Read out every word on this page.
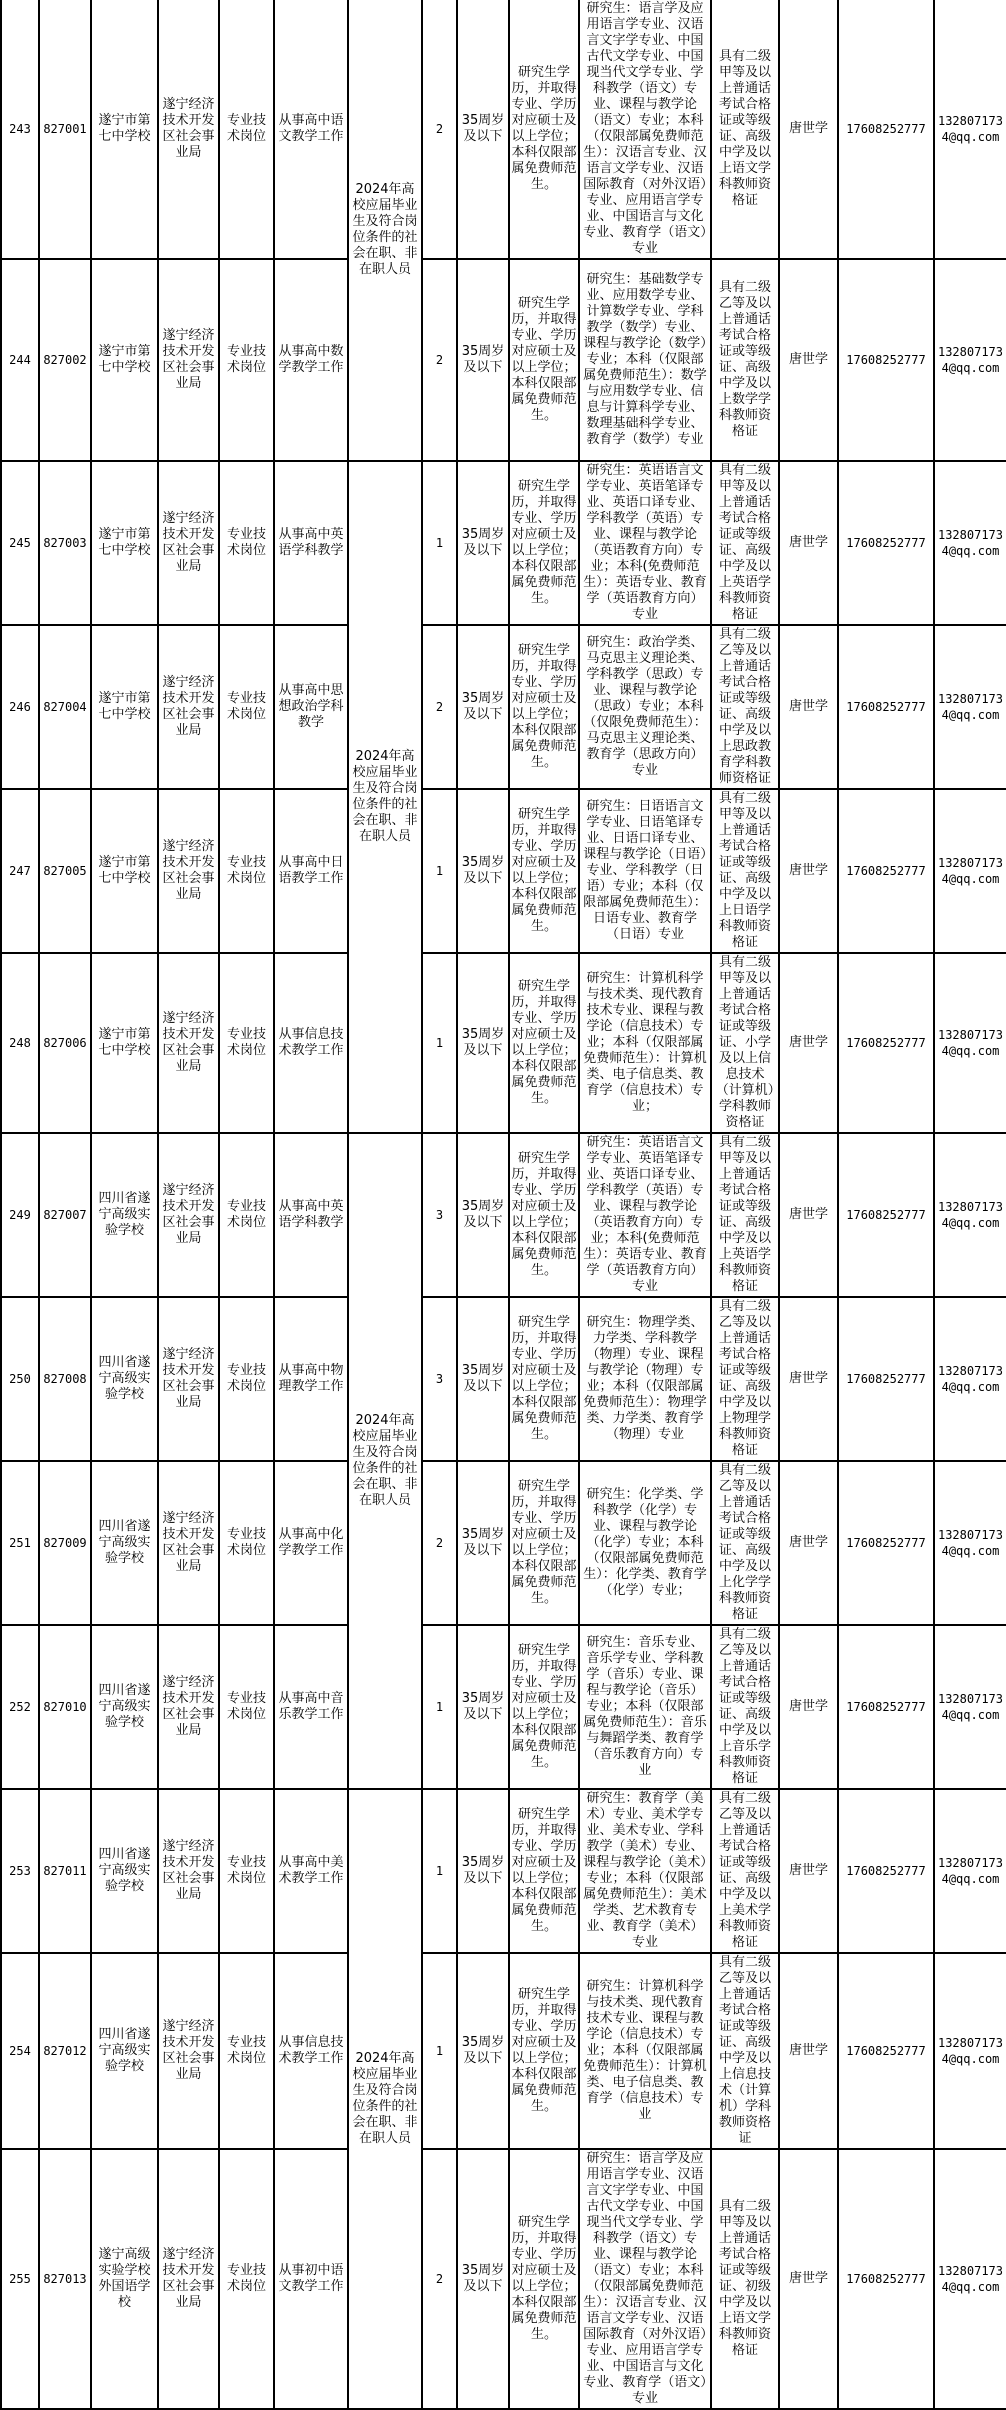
243	827001	遂宁市第七中学校	遂宁经济技术开发区社会事业局	专业技术岗位	从事高中语文教学工作	2024年高校应届毕业生及符合岗位条件的社会在职、非在职人员	2	35周岁及以下	研究生学历，并取得专业、学历对应硕士及以上学位；本科仅限部属免费师范生。	研究生：语言学及应用语言学专业、汉语言文字学专业、中国古代文学专业、中国现当代文学专业、学科教学（语文）专业、课程与教学论（语文）专业；本科（仅限部属免费师范生）：汉语言专业、汉语言文学专业、汉语国际教育（对外汉语）专业、应用语言学专业、中国语言与文化专业、教育学（语文）专业	具有二级甲等及以上普通话考试合格证或等级证、高级中学及以上语文学科教师资格证	唐世学	17608252777	1328071734@qq.com
244	827002	遂宁市第七中学校	遂宁经济技术开发区社会事业局	专业技术岗位	从事高中数学教学工作		2	35周岁及以下	研究生学历，并取得专业、学历对应硕士及以上学位；本科仅限部属免费师范生。	研究生：基础数学专业、应用数学专业、计算数学专业、学科教学（数学）专业、课程与教学论（数学）专业；本科（仅限部属免费师范生）：数学与应用数学专业、信息与计算科学专业、数理基础科学专业、教育学（数学）专业	具有二级乙等及以上普通话考试合格证或等级证、高级中学及以上数学学科教师资格证	唐世学	17608252777	1328071734@qq.com
245	827003	遂宁市第七中学校	遂宁经济技术开发区社会事业局	专业技术岗位	从事高中英语学科教学	2024年高校应届毕业生及符合岗位条件的社会在职、非在职人员	1	35周岁及以下	研究生学历，并取得专业、学历对应硕士及以上学位；本科仅限部属免费师范生。	研究生：英语语言文学专业、英语笔译专业、英语口译专业、学科教学（英语）专业、课程与教学论（英语教育方向）专业；本科(免费师范生）：英语专业、教育学（英语教育方向）专业	具有二级甲等及以上普通话考试合格证或等级证、高级中学及以上英语学科教师资格证	唐世学	17608252777	1328071734@qq.com
246	827004	遂宁市第七中学校	遂宁经济技术开发区社会事业局	专业技术岗位	从事高中思想政治学科教学		2	35周岁及以下	研究生学历，并取得专业、学历对应硕士及以上学位；本科仅限部属免费师范生。	研究生：政治学类、马克思主义理论类、学科教学（思政）专业、课程与教学论（思政）专业；本科（仅限免费师范生）：马克思主义理论类、教育学（思政方向）专业	具有二级乙等及以上普通话考试合格证或等级证、高级中学及以上思政教育学科教师资格证	唐世学	17608252777	1328071734@qq.com
247	827005	遂宁市第七中学校	遂宁经济技术开发区社会事业局	专业技术岗位	从事高中日语教学工作		1	35周岁及以下	研究生学历，并取得专业、学历对应硕士及以上学位；本科仅限部属免费师范生。	研究生：日语语言文学专业、日语笔译专业、日语口译专业、课程与教学论（日语）专业、学科教学（日语）专业；本科（仅限部属免费师范生）：日语专业、教育学（日语）专业	具有二级甲等及以上普通话考试合格证或等级证、高级中学及以上日语学科教师资格证	唐世学	17608252777	1328071734@qq.com
248	827006	遂宁市第七中学校	遂宁经济技术开发区社会事业局	专业技术岗位	从事信息技术教学工作		1	35周岁及以下	研究生学历，并取得专业、学历对应硕士及以上学位；本科仅限部属免费师范生。	研究生：计算机科学与技术类、现代教育技术专业、课程与教学论（信息技术）专业；本科（仅限部属免费师范生）：计算机类、电子信息类、教育学（信息技术）专业；	具有二级甲等及以上普通话考试合格证或等级证、小学及以上信息技术（计算机）学科教师资格证	唐世学	17608252777	1328071734@qq.com
249	827007	四川省遂宁高级实验学校	遂宁经济技术开发区社会事业局	专业技术岗位	从事高中英语学科教学	2024年高校应届毕业生及符合岗位条件的社会在职、非在职人员	3	35周岁及以下	研究生学历，并取得专业、学历对应硕士及以上学位；本科仅限部属免费师范生。	研究生：英语语言文学专业、英语笔译专业、英语口译专业、学科教学（英语）专业、课程与教学论（英语教育方向）专业；本科(免费师范生）：英语专业、教育学（英语教育方向）专业	具有二级甲等及以上普通话考试合格证或等级证、高级中学及以上英语学科教师资格证	唐世学	17608252777	1328071734@qq.com
250	827008	四川省遂宁高级实验学校	遂宁经济技术开发区社会事业局	专业技术岗位	从事高中物理教学工作		3	35周岁及以下	研究生学历，并取得专业、学历对应硕士及以上学位；本科仅限部属免费师范生。	研究生：物理学类、力学类、学科教学（物理）专业、课程与教学论（物理）专业；本科（仅限部属免费师范生）：物理学类、力学类、教育学（物理）专业	具有二级乙等及以上普通话考试合格证或等级证、高级中学及以上物理学科教师资格证	唐世学	17608252777	1328071734@qq.com
251	827009	四川省遂宁高级实验学校	遂宁经济技术开发区社会事业局	专业技术岗位	从事高中化学教学工作		2	35周岁及以下	研究生学历，并取得专业、学历对应硕士及以上学位；本科仅限部属免费师范生。	研究生：化学类、学科教学（化学）专业、课程与教学论（化学）专业；本科（仅限部属免费师范生）：化学类、教育学（化学）专业；	具有二级乙等及以上普通话考试合格证或等级证、高级中学及以上化学学科教师资格证	唐世学	17608252777	1328071734@qq.com
252	827010	四川省遂宁高级实验学校	遂宁经济技术开发区社会事业局	专业技术岗位	从事高中音乐教学工作		1	35周岁及以下	研究生学历，并取得专业、学历对应硕士及以上学位；本科仅限部属免费师范生。	研究生：音乐专业、音乐学专业、学科教学（音乐）专业、课程与教学论（音乐）专业；本科（仅限部属免费师范生）：音乐与舞蹈学类、教育学（音乐教育方向）专业	具有二级乙等及以上普通话考试合格证或等级证、高级中学及以上音乐学科教师资格证	唐世学	17608252777	1328071734@qq.com
253	827011	四川省遂宁高级实验学校	遂宁经济技术开发区社会事业局	专业技术岗位	从事高中美术教学工作	2024年高校应届毕业生及符合岗位条件的社会在职、非在职人员	1	35周岁及以下	研究生学历，并取得专业、学历对应硕士及以上学位；本科仅限部属免费师范生。	研究生：教育学（美术）专业、美术学专业、美术专业、学科教学（美术）专业、课程与教学论（美术）专业；本科（仅限部属免费师范生）：美术学类、艺术教育专业、教育学（美术）专业	具有二级乙等及以上普通话考试合格证或等级证、高级中学及以上美术学科教师资格证	唐世学	17608252777	1328071734@qq.com
254	827012	四川省遂宁高级实验学校	遂宁经济技术开发区社会事业局	专业技术岗位	从事信息技术教学工作		1	35周岁及以下	研究生学历，并取得专业、学历对应硕士及以上学位；本科仅限部属免费师范生。	研究生：计算机科学与技术类、现代教育技术专业、课程与教学论（信息技术）专业；本科（仅限部属免费师范生）：计算机类、电子信息类、教育学（信息技术）专业	具有二级乙等及以上普通话考试合格证或等级证、高级中学及以上信息技术（计算机）学科教师资格证	唐世学	17608252777	1328071734@qq.com
255	827013	遂宁高级实验学校外国语学校	遂宁经济技术开发区社会事业局	专业技术岗位	从事初中语文教学工作		2	35周岁及以下	研究生学历，并取得专业、学历对应硕士及以上学位；本科仅限部属免费师范生。	研究生：语言学及应用语言学专业、汉语言文字学专业、中国古代文学专业、中国现当代文学专业、学科教学（语文）专业、课程与教学论（语文）专业；本科（仅限部属免费师范生）：汉语言专业、汉语言文学专业、汉语国际教育（对外汉语）专业、应用语言学专业、中国语言与文化专业、教育学（语文）专业	具有二级甲等及以上普通话考试合格证或等级证、初级中学及以上语文学科教师资格证	唐世学	17608252777	1328071734@qq.com
